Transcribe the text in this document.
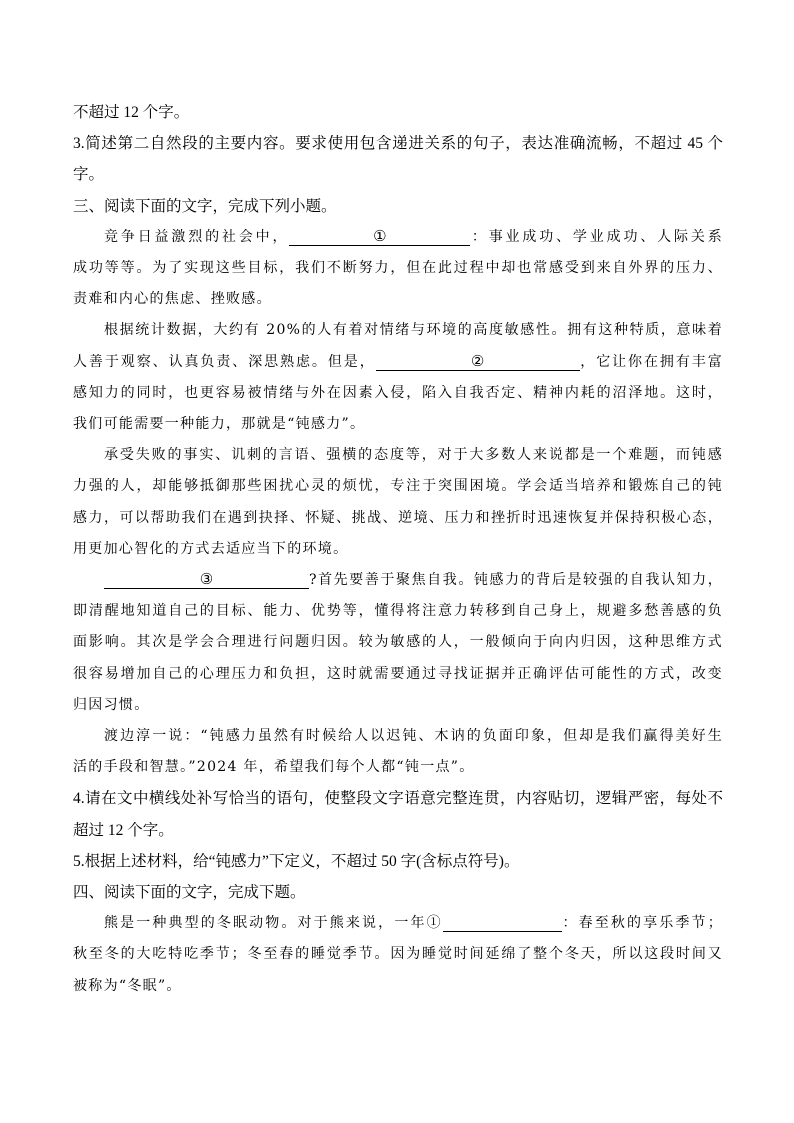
不超过 12 个字。
3.简述第二自然段的主要内容。要求使用包含递进关系的句子，表达准确流畅，不超过 45 个
字。
三、阅读下面的文字，完成下列小题。
竞争日益激烈的社会中，	①	：事业成功、学业成功、人际关系
成功等等。为了实现这些目标，我们不断努力，但在此过程中却也常感受到来自外界的压力、
责难和内心的焦虑、挫败感。
根据统计数据，大约有 20%的人有着对情绪与环境的高度敏感性。拥有这种特质，意味着
人善于观察、认真负责、深思熟虑。但是，	②	，它让你在拥有丰富
感知力的同时，也更容易被情绪与外在因素入侵，陷入自我否定、精神内耗的沼泽地。这时，
我们可能需要一种能力，那就是“钝感力”。
承受失败的事实、讥刺的言语、强横的态度等，对于大多数人来说都是一个难题，而钝感
力强的人，却能够抵御那些困扰心灵的烦忧，专注于突围困境。学会适当培养和锻炼自己的钝
感力，可以帮助我们在遇到抉择、怀疑、挑战、逆境、压力和挫折时迅速恢复并保持积极心态，
用更加心智化的方式去适应当下的环境。
③	?首先要善于聚焦自我。钝感力的背后是较强的自我认知力，
即清醒地知道自己的目标、能力、优势等，懂得将注意力转移到自己身上，规避多愁善感的负
面影响。其次是学会合理进行问题归因。较为敏感的人，一般倾向于向内归因，这种思维方式
很容易增加自己的心理压力和负担，这时就需要通过寻找证据并正确评估可能性的方式，改变
归因习惯。
渡边淳一说：“钝感力虽然有时候给人以迟钝、木讷的负面印象，但却是我们赢得美好生
活的手段和智慧。”2024 年，希望我们每个人都“钝一点”。
4.请在文中横线处补写恰当的语句，使整段文字语意完整连贯，内容贴切，逻辑严密，每处不
超过 12 个字。
5.根据上述材料，给“钝感力”下定义，不超过 50 字(含标点符号)。
四、阅读下面的文字，完成下题。
熊是一种典型的冬眠动物。对于熊来说，一年①	：春至秋的享乐季节；
秋至冬的大吃特吃季节；冬至春的睡觉季节。因为睡觉时间延绵了整个冬天，所以这段时间又
被称为“冬眠”。
